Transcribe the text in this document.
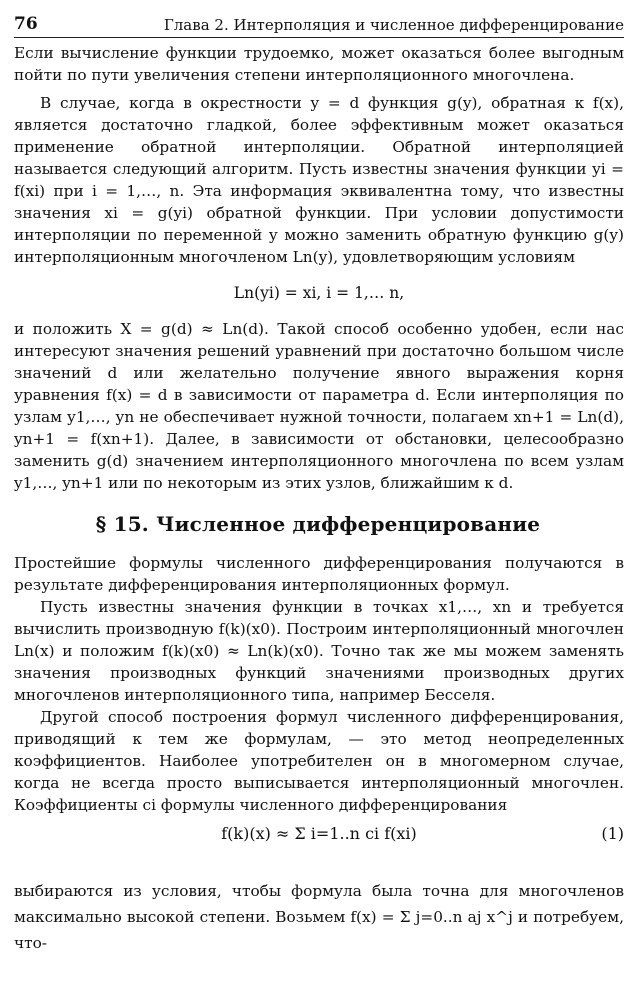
76	Глава 2. Интерполяция и численное дифференцирование

Если вычисление функции трудоемко, может оказаться более выгодным пойти по пути увеличения степени интерполяционного многочлена.

В случае, когда в окрестности y = d функция g(y), обратная к f(x), является достаточно гладкой, более эффективным может оказаться применение обратной интерполяции. Обратной интерполяцией называется следующий алгоритм. Пусть известны значения функции yi = f(xi) при i = 1,…, n. Эта информация эквивалентна тому, что известны значения xi = g(yi) обратной функции. При условии допустимости интерполяции по переменной y можно заменить обратную функцию g(y) интерполяционным многочленом Ln(y), удовлетворяющим условиям

Ln(yi) = xi, i = 1,… n,

и положить X = g(d) ≈ Ln(d). Такой способ особенно удобен, если нас интересуют значения решений уравнений при достаточно большом числе значений d или желательно получение явного выражения корня уравнения f(x) = d в зависимости от параметра d. Если интерполяция по узлам y1,…, yn не обеспечивает нужной точности, полагаем xn+1 = Ln(d), yn+1 = f(xn+1). Далее, в зависимости от обстановки, целесообразно заменить g(d) значением интерполяционного многочлена по всем узлам y1,…, yn+1 или по некоторым из этих узлов, ближайшим к d.

§ 15. Численное дифференцирование

Простейшие формулы численного дифференцирования получаются в результате дифференцирования интерполяционных формул.

Пусть известны значения функции в точках x1,…, xn и требуется вычислить производную f(k)(x0). Построим интерполяционный многочлен Ln(x) и положим f(k)(x0) ≈ Ln(k)(x0). Точно так же мы можем заменять значения производных функций значениями производных других многочленов интерполяционного типа, например Бесселя.

Другой способ построения формул численного дифференцирования, приводящий к тем же формулам, — это метод неопределенных коэффициентов. Наиболее употребителен он в многомерном случае, когда не всегда просто выписывается интерполяционный многочлен. Коэффициенты ci формулы численного дифференцирования

f(k)(x) ≈ Σ i=1..n ci f(xi)	(1)

выбираются из условия, чтобы формула была точна для многочленов максимально высокой степени. Возьмем f(x) = Σ j=0..n aj x^j и потребуем, что-
